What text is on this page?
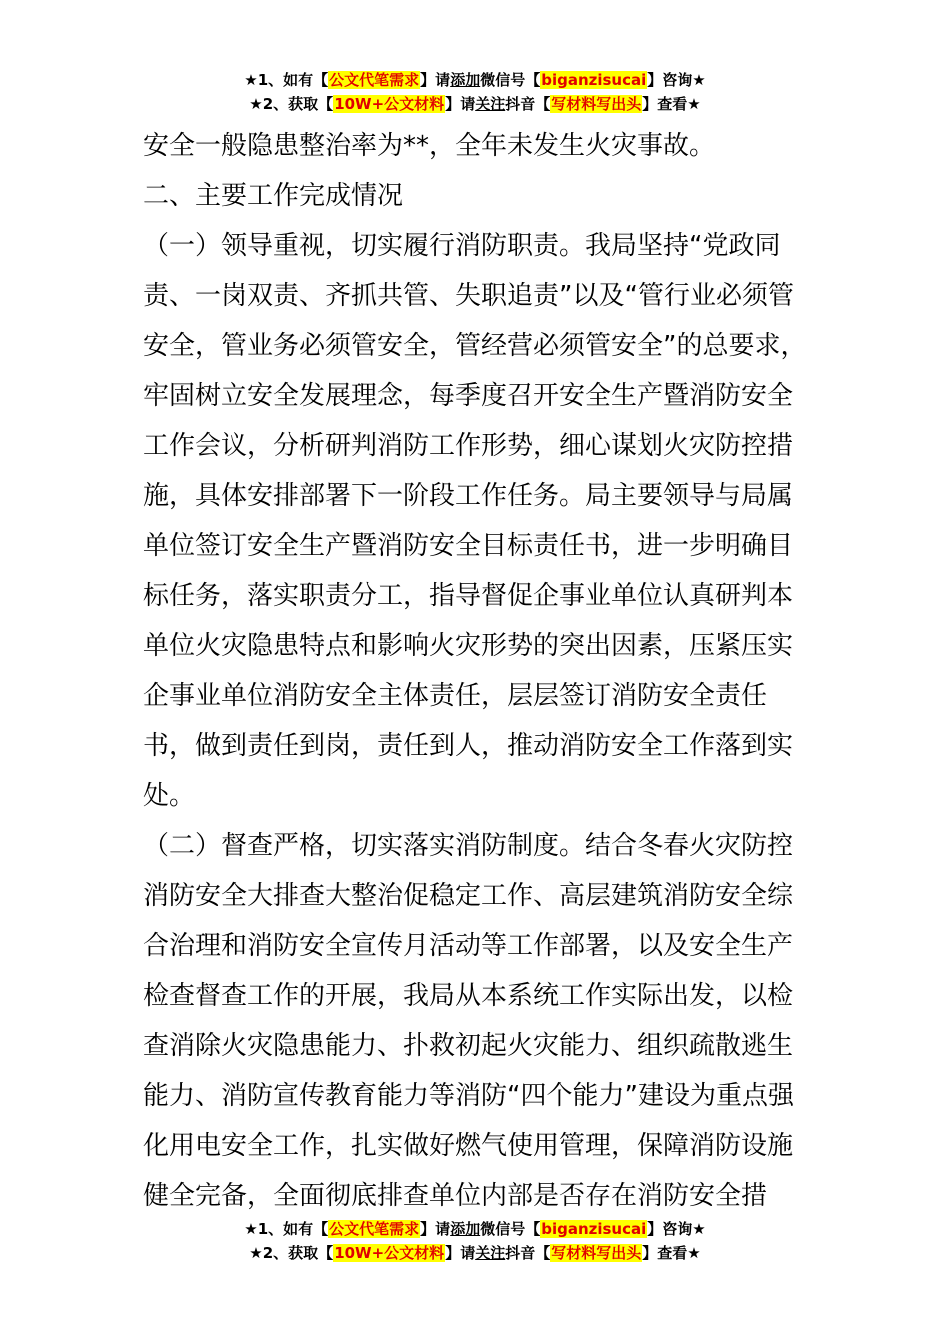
★1、如有【公文代笔需求】请添加微信号【biganzisucai】咨询★
★2、获取【10W+公文材料】请关注抖音【写材料写出头】查看★

安全一般隐患整治率为**，全年未发生火灾事故。

二、主要工作完成情况

（一）领导重视，切实履行消防职责。我局坚持“党政同责、一岗双责、齐抓共管、失职追责”以及“管行业必须管安全，管业务必须管安全，管经营必须管安全”的总要求，牢固树立安全发展理念，每季度召开安全生产暨消防安全工作会议，分析研判消防工作形势，细心谋划火灾防控措施，具体安排部署下一阶段工作任务。局主要领导与局属单位签订安全生产暨消防安全目标责任书，进一步明确目标任务，落实职责分工，指导督促企事业单位认真研判本单位火灾隐患特点和影响火灾形势的突出因素，压紧压实企事业单位消防安全主体责任，层层签订消防安全责任书，做到责任到岗，责任到人，推动消防安全工作落到实处。

（二）督查严格，切实落实消防制度。结合冬春火灾防控消防安全大排查大整治促稳定工作、高层建筑消防安全综合治理和消防安全宣传月活动等工作部署，以及安全生产检查督查工作的开展，我局从本系统工作实际出发，以检查消除火灾隐患能力、扑救初起火灾能力、组织疏散逃生能力、消防宣传教育能力等消防“四个能力”建设为重点强化用电安全工作，扎实做好燃气使用管理，保障消防设施健全完备，全面彻底排查单位内部是否存在消防安全措

★1、如有【公文代笔需求】请添加微信号【biganzisucai】咨询★
★2、获取【10W+公文材料】请关注抖音【写材料写出头】查看★
